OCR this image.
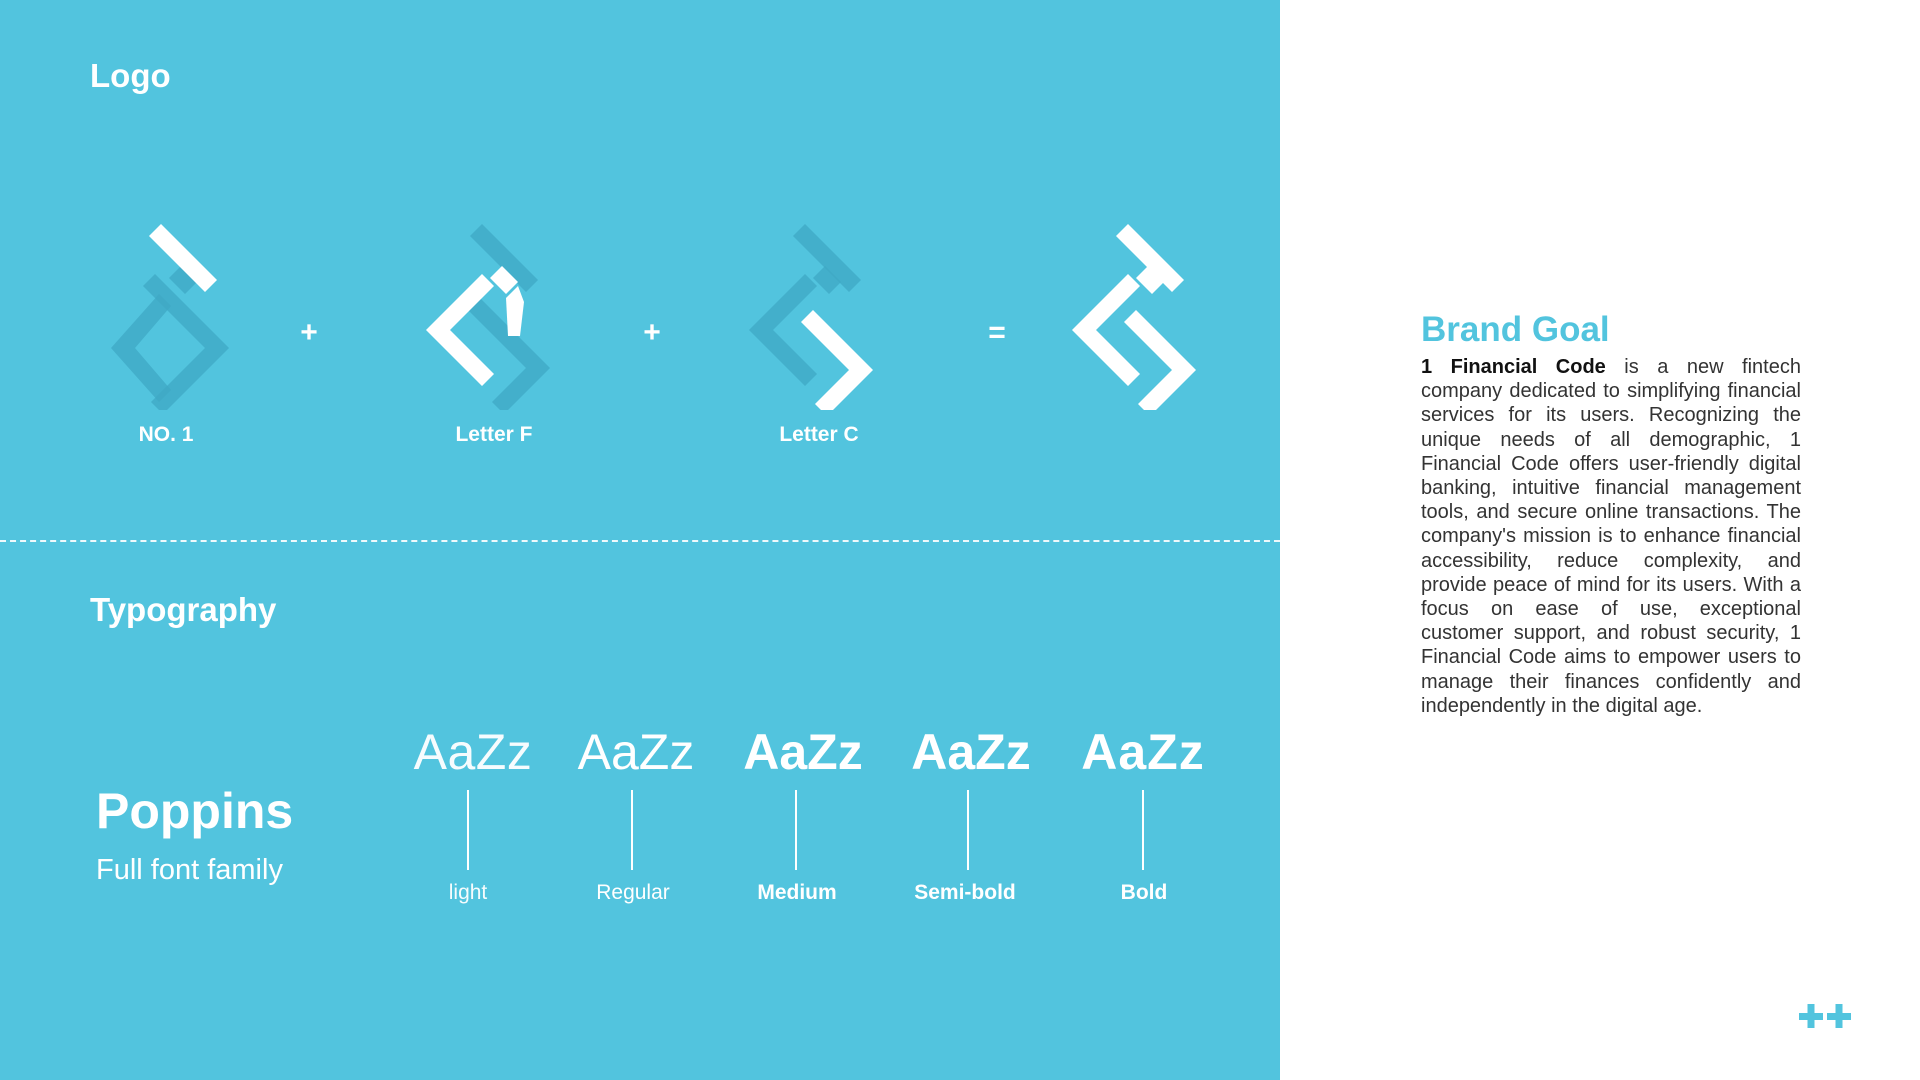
Logo
NO. 1
+
Letter F
+
Letter C
=
Typography
Poppins
Full font family
AaZz
light
AaZz
Regular
AaZz
Medium
AaZz
Semi-bold
AaZz
Bold
Brand Goal

1 Financial Code is a new fintech company dedicated to simplifying financial services for its users. Recognizing the unique needs of all demographic, 1 Financial Code offers user-friendly digital banking, intuitive financial management tools, and secure online transactions. The company's mission is to enhance financial accessibility, reduce complexity, and provide peace of mind for its users. With a focus on ease of use, exceptional customer support, and robust security, 1 Financial Code aims to empower users to manage their finances confidently and independently in the digital age.
